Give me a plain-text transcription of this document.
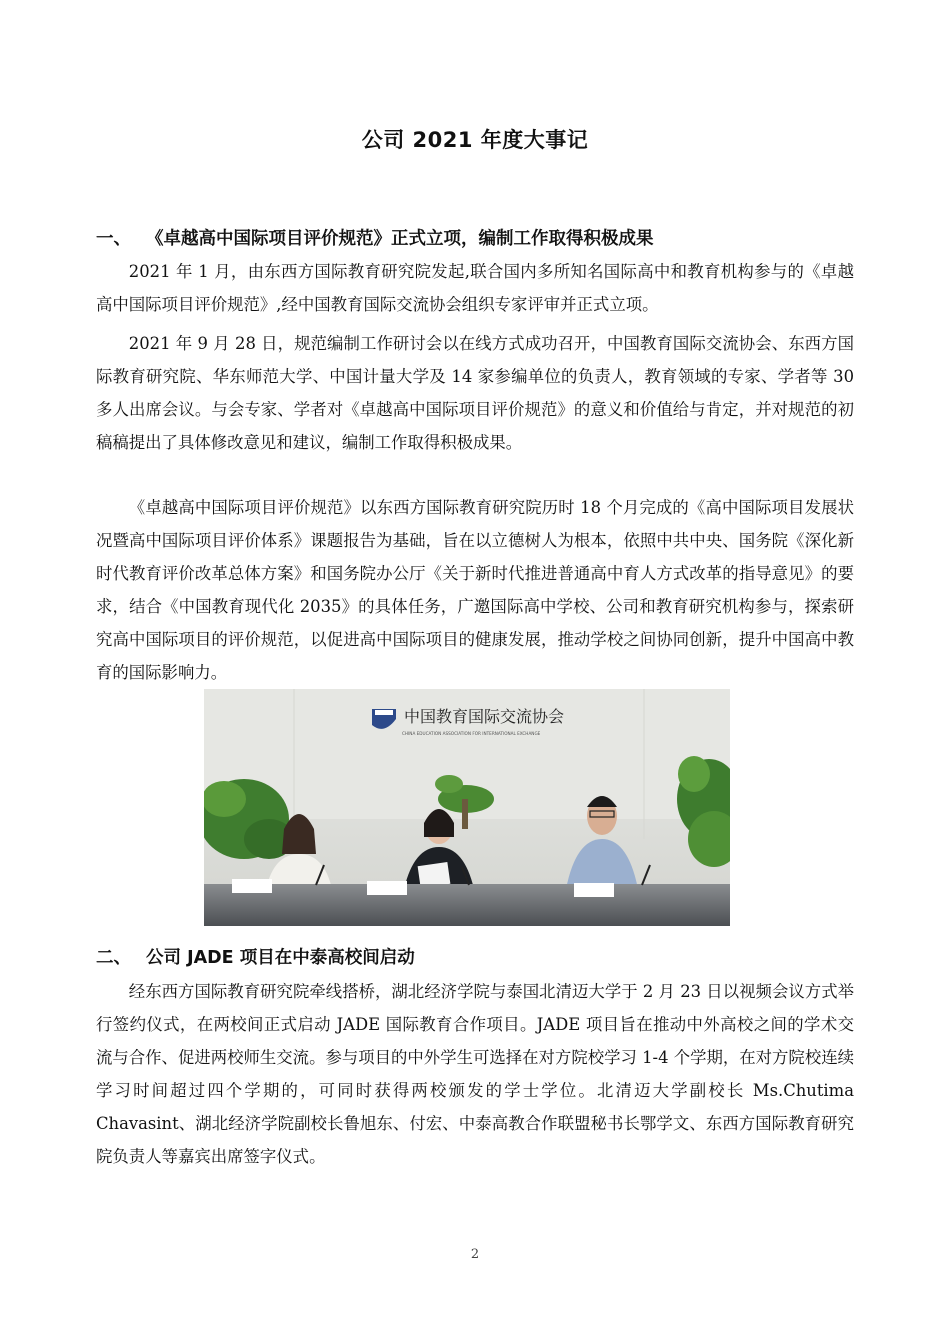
公司 2021 年度大事记
一、 《卓越高中国际项目评价规范》正式立项，编制工作取得积极成果

2021 年 1 月，由东西方国际教育研究院发起,联合国内多所知名国际高中和教育机构参与的《卓越高中国际项目评价规范》,经中国教育国际交流协会组织专家评审并正式立项。

2021 年 9 月 28 日，规范编制工作研讨会以在线方式成功召开，中国教育国际交流协会、东西方国际教育研究院、华东师范大学、中国计量大学及 14 家参编单位的负责人，教育领域的专家、学者等 30 多人出席会议。与会专家、学者对《卓越高中国际项目评价规范》的意义和价值给与肯定，并对规范的初稿稿提出了具体修改意见和建议，编制工作取得积极成果。

《卓越高中国际项目评价规范》以东西方国际教育研究院历时 18 个月完成的《高中国际项目发展状况暨高中国际项目评价体系》课题报告为基础，旨在以立德树人为根本，依照中共中央、国务院《深化新时代教育评价改革总体方案》和国务院办公厅《关于新时代推进普通高中育人方式改革的指导意见》的要求，结合《中国教育现代化 2035》的具体任务，广邀国际高中学校、公司和教育研究机构参与，探索研究高中国际项目的评价规范，以促进高中国际项目的健康发展，推动学校之间协同创新，提升中国高中教育的国际影响力。

中国教育国际交流协会
CHINA EDUCATION ASSOCIATION FOR INTERNATIONAL EXCHANGE
二、 公司 JADE 项目在中泰高校间启动

经东西方国际教育研究院牵线搭桥，湖北经济学院与泰国北清迈大学于 2 月 23 日以视频会议方式举行签约仪式，在两校间正式启动 JADE 国际教育合作项目。JADE 项目旨在推动中外高校之间的学术交流与合作、促进两校师生交流。参与项目的中外学生可选择在对方院校学习 1-4 个学期，在对方院校连续学习时间超过四个学期的，可同时获得两校颁发的学士学位。北清迈大学副校长 Ms.Chutima Chavasint、湖北经济学院副校长鲁旭东、付宏、中泰高教合作联盟秘书长鄂学文、东西方国际教育研究院负责人等嘉宾出席签字仪式。

2
